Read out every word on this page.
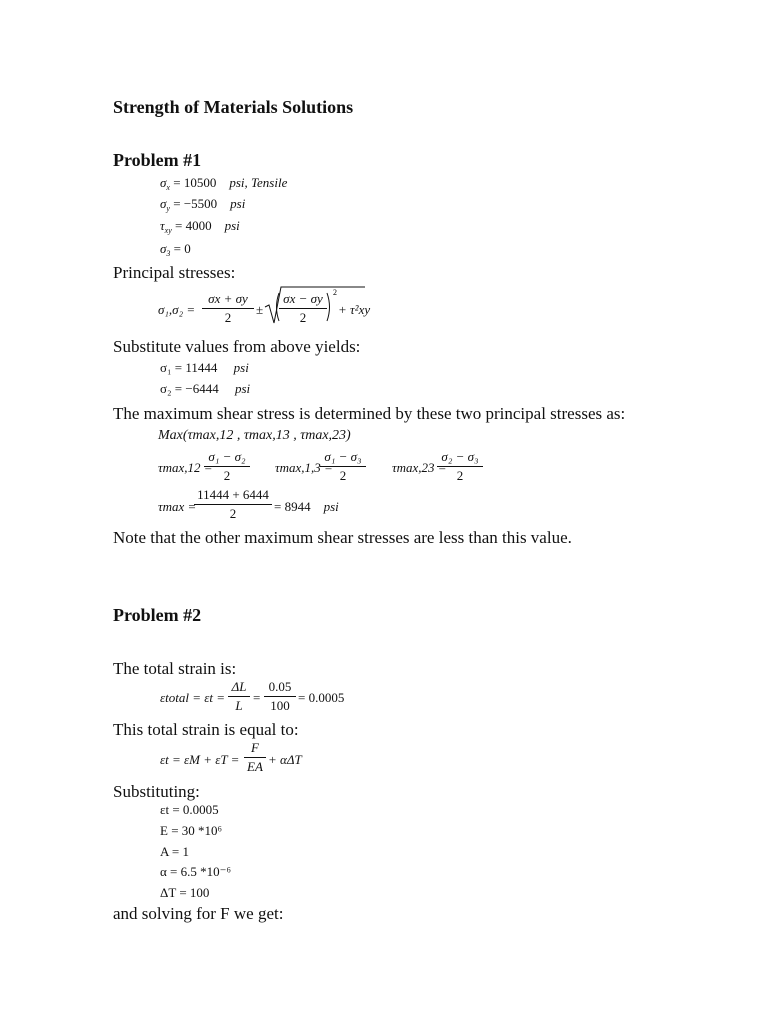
Strength of Materials Solutions
Problem #1
$\sigma_x = 10500$ psi, Tensile
$\sigma_y = -5500$ psi
$\tau_{xy} = 4000$ psi
$\sigma_3 = 0$
Principal stresses:
σ₁,σ₂ =
σx + σy
2
±
2
σx − σy
2
+ τ²xy
Substitute values from above yields:
σ₁ = 11444 psi
σ₂ = −6444 psi
The maximum shear stress is determined by these two principal stresses as:
Max(τmax,12 , τmax,13 , τmax,23)
τmax,12 =
σ₁ − σ₂
2
τmax,1,3 =
σ₁ − σ₃
2
τmax,23 =
σ₂ − σ₃
2
τmax =
11444 + 6444
2	= 8944 psi
Note that the other maximum shear stresses are less than this value.
Problem #2
The total strain is:
εtotal = εt =
ΔL
L
=
0.05
100
= 0.0005
This total strain is equal to:
εt = εM + εT =
F
EA + αΔT
Substituting:
εt = 0.0005
E = 30 *10⁶
A = 1
α = 6.5 *10⁻⁶
ΔT = 100
and solving for F we get:
